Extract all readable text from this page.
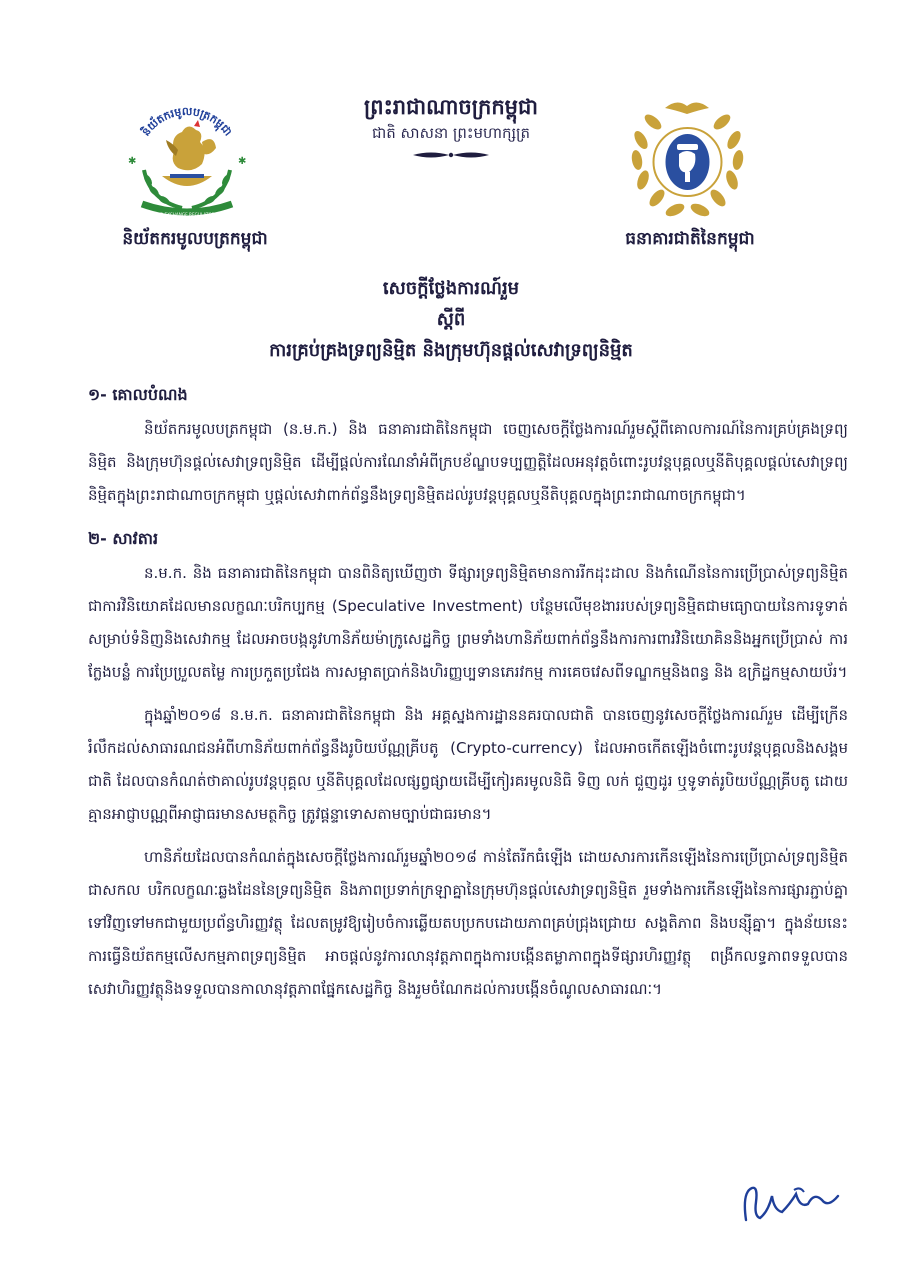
និយ័តករមូលបត្រកម្ពុជា
✱	✱
SECURITIES AND EXCHANGE REGULATOR OF CAMBODIA
ព្រះរាជាណាចក្រកម្ពុជា
ជាតិ សាសនា ព្រះមហាក្សត្រ
និយ័តករមូលបត្រកម្ពុជា	ធនាគារជាតិនៃកម្ពុជា
សេចក្តីថ្លែងការណ៍រួម
ស្តីពី
ការគ្រប់គ្រងទ្រព្យនិម្មិត និងក្រុមហ៊ុនផ្តល់សេវាទ្រព្យនិម្មិត

១- គោលបំណង

និយ័តករមូលបត្រកម្ពុជា (ន.ម.ក.) និង ធនាគារជាតិនៃកម្ពុជា ចេញសេចក្តីថ្លែងការណ៍រួមស្តីពីគោលការណ៍នៃការគ្រប់គ្រងទ្រព្យនិម្មិត និងក្រុមហ៊ុនផ្តល់សេវាទ្រព្យនិម្មិត ដើម្បីផ្តល់ការណែនាំអំពីក្របខ័ណ្ឌបទប្បញ្ញត្តិដែលអនុវត្តចំពោះរូបវន្តបុគ្គលឬនីតិបុគ្គលផ្តល់សេវាទ្រព្យនិម្មិតក្នុងព្រះរាជាណាចក្រកម្ពុជា ឬផ្តល់សេវាពាក់ព័ន្ធនឹងទ្រព្យនិម្មិតដល់រូបវន្តបុគ្គលឬនីតិបុគ្គលក្នុងព្រះរាជាណាចក្រកម្ពុជា។

២- សាវតារ

ន.ម.ក. និង ធនាគារជាតិនៃកម្ពុជា បានពិនិត្យឃើញថា ទីផ្សារទ្រព្យនិម្មិតមានការរីកដុះដាល និងកំណើននៃការប្រើប្រាស់ទ្រព្យនិម្មិតជាការវិនិយោគដែលមានលក្ខណៈបរិកប្បកម្ម (Speculative Investment) បន្ថែមលើមុខងាររបស់ទ្រព្យនិម្មិតជាមធ្យោបាយនៃការទូទាត់សម្រាប់ទំនិញនិងសេវាកម្ម ដែលអាចបង្កនូវហានិភ័យម៉ាក្រូសេដ្ឋកិច្ច ព្រមទាំងហានិភ័យពាក់ព័ន្ធនឹងការការពារវិនិយោគិននិងអ្នកប្រើប្រាស់ ការក្លែងបន្លំ ការប្រែប្រួលតម្លៃ ការប្រកួតប្រជែង ការសម្អាតប្រាក់និងហិរញ្ញប្បទានភេរវកម្ម ការគេចវេសពីទណ្ឌកម្មនិងពន្ធ និង ឧក្រិដ្ឋកម្មសាយប័រ។

ក្នុងឆ្នាំ២០១៨ ន.ម.ក. ធនាគារជាតិនៃកម្ពុជា និង អគ្គស្នងការដ្ឋាននគរបាលជាតិ បានចេញនូវសេចក្តីថ្លែងការណ៍រួម ដើម្បីក្រើនរំលឹកដល់សាធារណជនអំពីហានិភ័យពាក់ព័ន្ធនឹងរូបិយប័ណ្ណគ្រីបតូ (Crypto-currency) ដែលអាចកើតឡើងចំពោះរូបវន្តបុគ្គលនិងសង្គមជាតិ ដែលបានកំណត់ថាគាល់រូបវន្តបុគ្គល ឬនីតិបុគ្គលដែលផ្សព្វផ្សាយដើម្បីកៀរគរមូលនិធិ ទិញ លក់ ជួញដូរ ឬទូទាត់រូបិយប័ណ្ណគ្រីបតូ ដោយគ្មានអាជ្ញាបណ្ណពីអាជ្ញាធរមានសមត្ថកិច្ច ត្រូវផ្តន្ទាទោសតាមច្បាប់ជាធរមាន។

ហានិភ័យដែលបានកំណត់ក្នុងសេចក្តីថ្លែងការណ៍រួមឆ្នាំ២០១៨ កាន់តែរីកធំឡើង ដោយសារការកើនឡើងនៃការប្រើប្រាស់ទ្រព្យនិម្មិតជាសកល បរិកលក្ខណៈឆ្លងដែននៃទ្រព្យនិម្មិត និងភាពប្រទាក់ក្រឡាគ្នានៃក្រុមហ៊ុនផ្តល់សេវាទ្រព្យនិម្មិត រួមទាំងការកើនឡើងនៃការផ្សារភ្ជាប់គ្នាទៅវិញទៅមកជាមួយប្រព័ន្ធហិរញ្ញវត្ថុ ដែលតម្រូវឱ្យរៀបចំការឆ្លើយតបប្រកបដោយភាពគ្រប់ជ្រុងជ្រោយ សង្គតិភាព និងបន្សុីគ្នា។ ក្នុងន័យនេះ ការធ្វើនិយ័តកម្មលើសកម្មភាពទ្រព្យនិម្មិត អាចផ្តល់នូវការលានុវត្តភាពក្នុងការបង្កើនតម្លាភាពក្នុងទីផ្សារហិរញ្ញវត្ថុ ពង្រីកលទ្ធភាពទទួលបានសេវាហិរញ្ញវត្ថុនិងទទួលបានកាលានុវត្តភាពផ្នែកសេដ្ឋកិច្ច និងរួមចំណែកដល់ការបង្កើនចំណូលសាធារណៈ។
